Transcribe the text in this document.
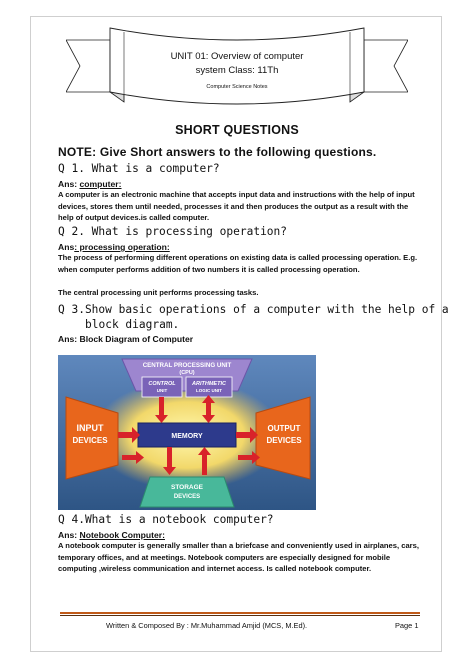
UNIT 01: Overview of computer

system Class: 11Th

Computer Science Notes
SHORT QUESTIONS
NOTE: Give Short answers to the following questions.
Q 1. What is a computer?
Ans: computer:
A computer is an electronic machine that accepts input data and instructions with the help of input devices, stores them until needed, processes it and then produces the output as a result with the help of output devices.is called computer.
Q 2. What is processing operation?
Ans: processing operation:
The process of performing different operations on existing data is called processing operation. E.g. when computer performs addition of two numbers it is called processing operation.
The central processing unit performs processing tasks.
Q 3.Show basic operations of a computer with the help of a
block diagram.
Ans: Block Diagram of Computer
CENTRAL PROCESSING UNIT
(CPU)
CONTROL
UNIT
ARITHMETIC
LOGIC UNIT
INPUT
DEVICES
OUTPUT
DEVICES
MEMORY
STORAGE
DEVICES
Q 4.What is a notebook computer?
Ans: Notebook Computer:
A notebook computer is generally smaller than a briefcase and conveniently used in airplanes, cars, temporary offices, and at meetings. Notebook computers are especially designed for mobile computing ,wireless communication and internet access. Is called notebook computer.
Written & Composed By : Mr.Muhammad Amjid (MCS, M.Ed).	Page 1
